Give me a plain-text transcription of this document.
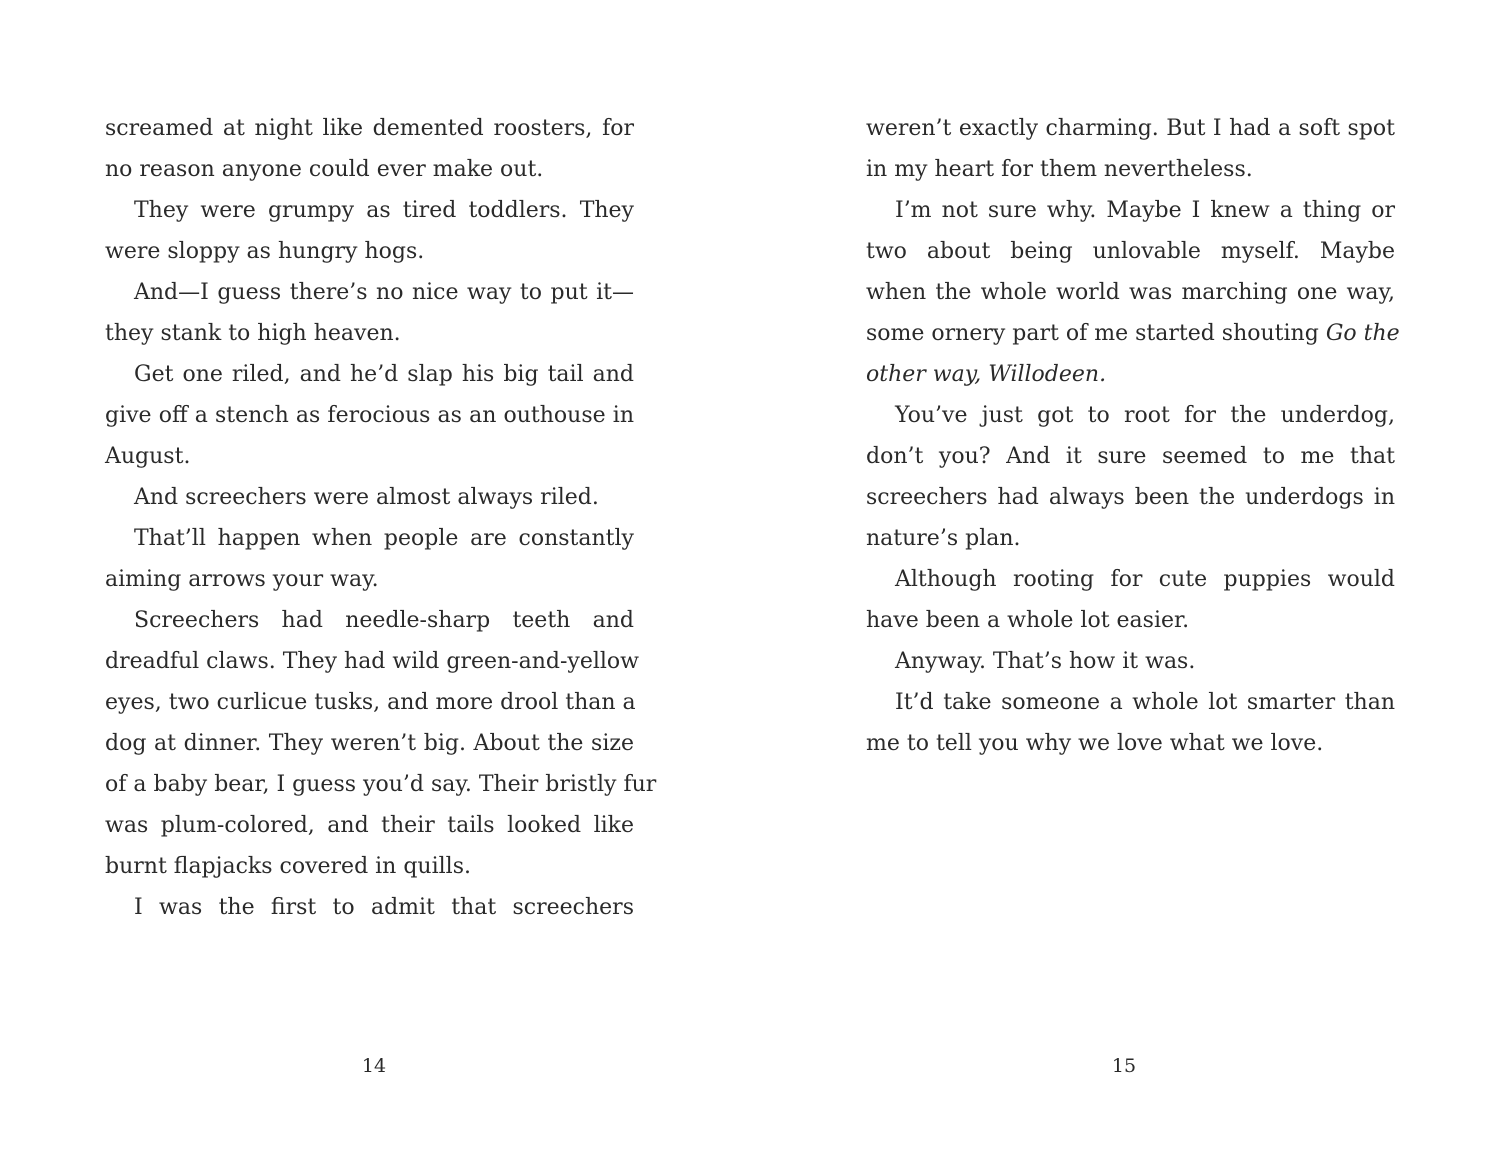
screamed at night like demented roosters, for
no reason anyone could ever make out.
They were grumpy as tired toddlers. They
were sloppy as hungry hogs.
And—I guess there’s no nice way to put it—
they stank to high heaven.
Get one riled, and he’d slap his big tail and
give off a stench as ferocious as an outhouse in
August.
And screechers were almost always riled.
That’ll happen when people are constantly
aiming arrows your way.
Screechers had needle-sharp teeth and
dreadful claws. They had wild green-and-yellow
eyes, two curlicue tusks, and more drool than a
dog at dinner. They weren’t big. About the size
of a baby bear, I guess you’d say. Their bristly fur
was plum-colored, and their tails looked like
burnt flapjacks covered in quills.
I was the first to admit that screechers
weren’t exactly charming. But I had a soft spot
in my heart for them nevertheless.
I’m not sure why. Maybe I knew a thing or
two about being unlovable myself. Maybe
when the whole world was marching one way,
some ornery part of me started shouting Go the
other way, Willodeen.
You’ve just got to root for the underdog,
don’t you? And it sure seemed to me that
screechers had always been the underdogs in
nature’s plan.
Although rooting for cute puppies would
have been a whole lot easier.
Anyway. That’s how it was.
It’d take someone a whole lot smarter than
me to tell you why we love what we love.
14	15
